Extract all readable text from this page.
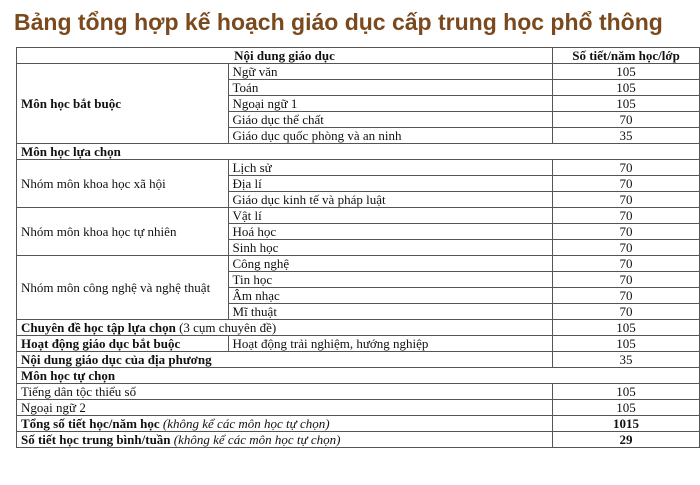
Bảng tổng hợp kế hoạch giáo dục cấp trung học phổ thông
Nội dung giáo dục		Số tiết/năm học/lớp
Môn học bắt buộc	Ngữ văn	105
	Toán	105
	Ngoại ngữ 1	105
	Giáo dục thể chất	70
	Giáo dục quốc phòng và an ninh	35
Môn học lựa chọn		
Nhóm môn khoa học xã hội	Lịch sử	70
	Địa lí	70
	Giáo dục kinh tế và pháp luật	70
Nhóm môn khoa học tự nhiên	Vật lí	70
	Hoá học	70
	Sinh học	70
Nhóm môn công nghệ và nghệ thuật	Công nghệ	70
	Tin học	70
	Âm nhạc	70
	Mĩ thuật	70
Chuyên đề học tập lựa chọn (3 cụm chuyên đề)		105
Hoạt động giáo dục bắt buộc	Hoạt động trải nghiệm, hướng nghiệp	105
Nội dung giáo dục của địa phương		35
Môn học tự chọn		
Tiếng dân tộc thiểu số		105
Ngoại ngữ 2		105
Tổng số tiết học/năm học (không kể các môn học tự chọn)		1015
Số tiết học trung bình/tuần (không kể các môn học tự chọn)		29
